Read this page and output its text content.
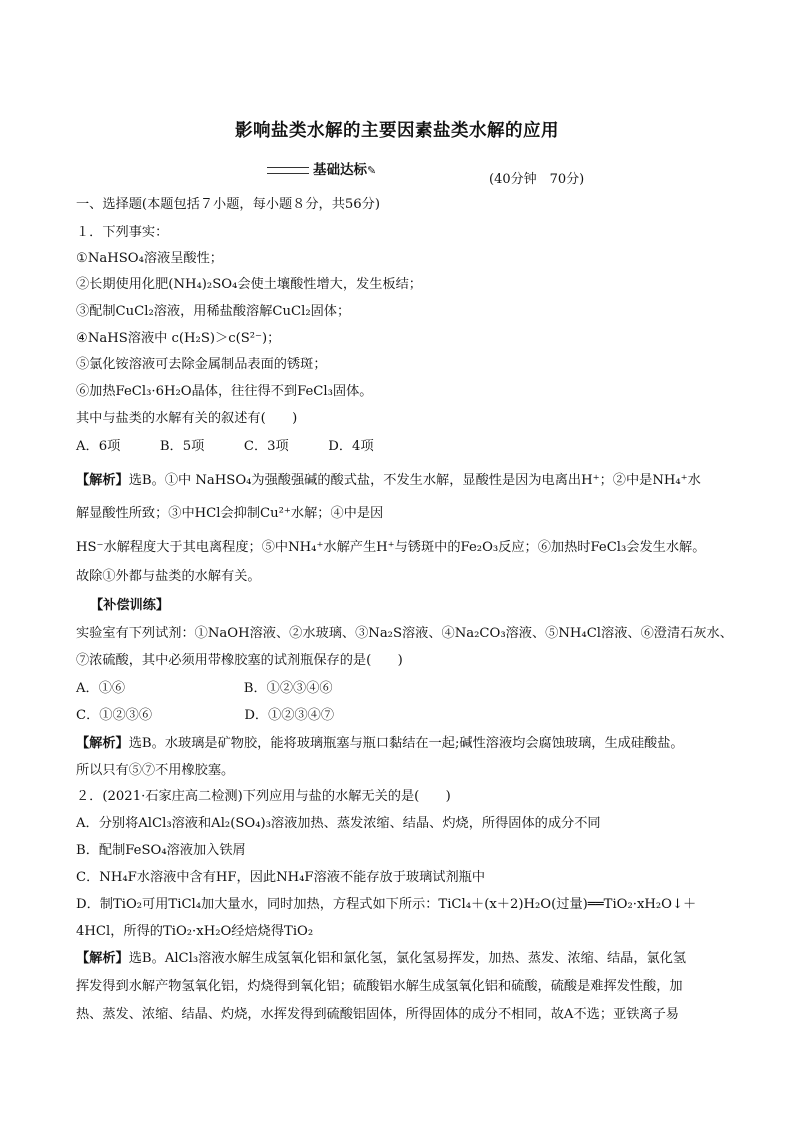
影响盐类水解的主要因素盐类水解的应用
基础达标✎
(40分钟　70分)
一、选择题(本题包括７小题，每小题８分，共56分)
１．下列事实：
①NaHSO₄溶液呈酸性；
②长期使用化肥(NH₄)₂SO₄会使土壤酸性增大，发生板结；
③配制CuCl₂溶液，用稀盐酸溶解CuCl₂固体；
④NaHS溶液中 c(H₂S)＞c(S²⁻)；
⑤氯化铵溶液可去除金属制品表面的锈斑；
⑥加热FeCl₃·6H₂O晶体，往往得不到FeCl₃固体。
其中与盐类的水解有关的叙述有(　　)
A．6项　　　B．5项　　　C．3项　　　D．4项
【解析】选B。①中 NaHSO₄为强酸强碱的酸式盐，不发生水解，显酸性是因为电离出H⁺；②中是NH₄⁺水
解显酸性所致；③中HCl会抑制Cu²⁺水解；④中是因
HS⁻水解程度大于其电离程度；⑤中NH₄⁺水解产生H⁺与锈斑中的Fe₂O₃反应；⑥加热时FeCl₃会发生水解。
故除①外都与盐类的水解有关。
【补偿训练】
实验室有下列试剂：①NaOH溶液、②水玻璃、③Na₂S溶液、④Na₂CO₃溶液、⑤NH₄Cl溶液、⑥澄清石灰水、
⑦浓硫酸，其中必须用带橡胶塞的试剂瓶保存的是(　　)
A．①⑥　　　　　　　　　B．①②③④⑥
C．①②③⑥　　　　　　　D．①②③④⑦
【解析】选B。水玻璃是矿物胶，能将玻璃瓶塞与瓶口黏结在一起;碱性溶液均会腐蚀玻璃，生成硅酸盐。
所以只有⑤⑦不用橡胶塞。
２．(2021·石家庄高二检测)下列应用与盐的水解无关的是(　　)
A．分别将AlCl₃溶液和Al₂(SO₄)₃溶液加热、蒸发浓缩、结晶、灼烧，所得固体的成分不同
B．配制FeSO₄溶液加入铁屑
C．NH₄F水溶液中含有HF，因此NH₄F溶液不能存放于玻璃试剂瓶中
D．制TiO₂可用TiCl₄加大量水，同时加热，方程式如下所示：TiCl₄＋(x＋2)H₂O(过量)══TiO₂·xH₂O↓＋
4HCl，所得的TiO₂·xH₂O经焙烧得TiO₂
【解析】选B。AlCl₃溶液水解生成氢氧化铝和氯化氢，氯化氢易挥发，加热、蒸发、浓缩、结晶，氯化氢
挥发得到水解产物氢氧化铝，灼烧得到氧化铝；硫酸铝水解生成氢氧化铝和硫酸，硫酸是难挥发性酸，加
热、蒸发、浓缩、结晶、灼烧，水挥发得到硫酸铝固体，所得固体的成分不相同，故A不选；亚铁离子易
